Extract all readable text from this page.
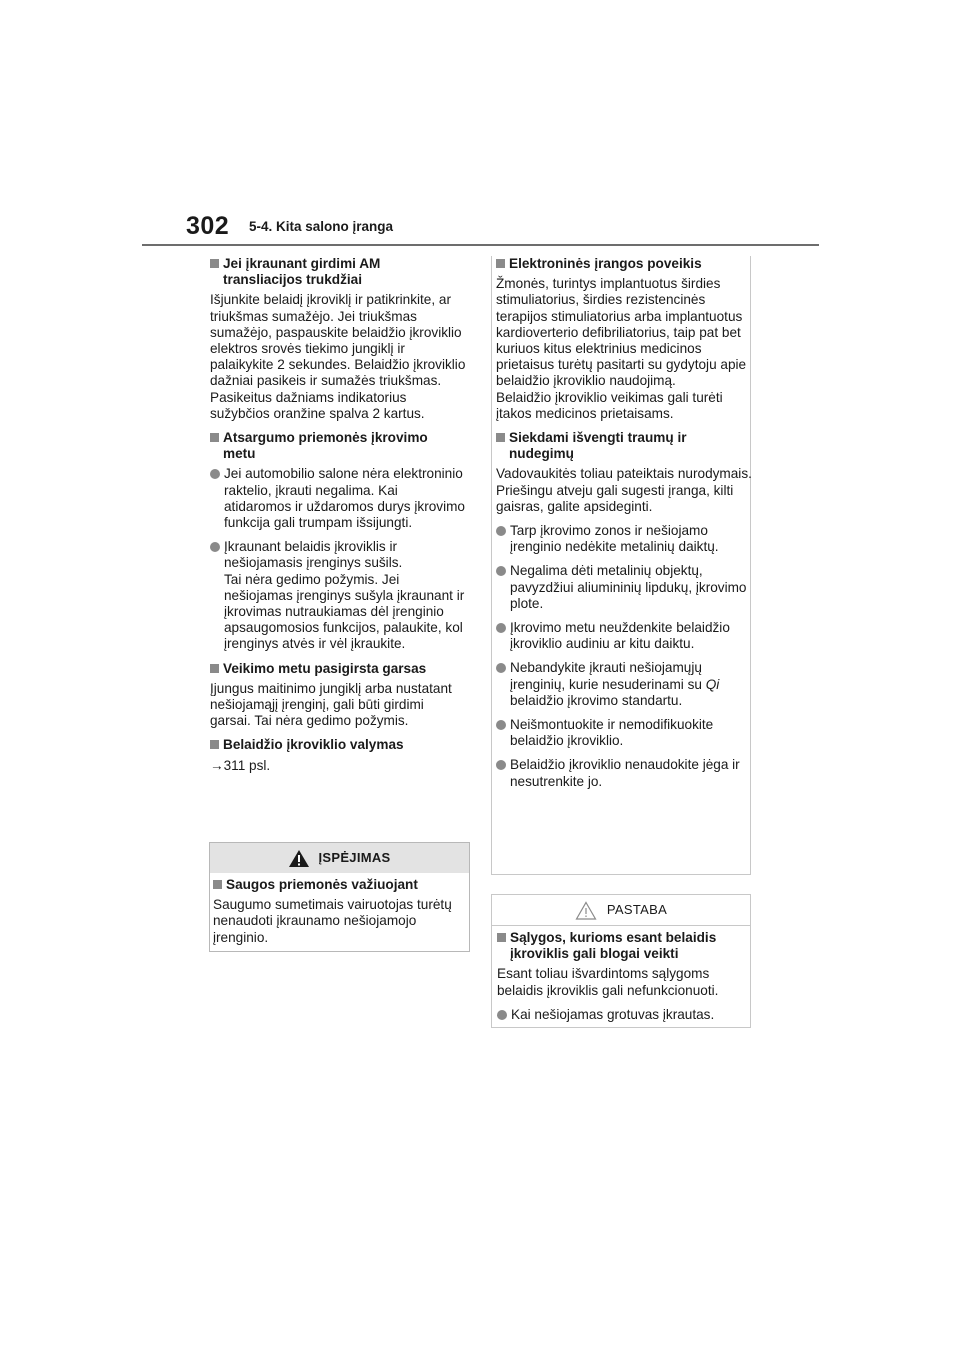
302 5-4. Kita salono įranga
Jei įkraunant girdimi AM
transliacijos trukdžiai
Išjunkite belaidį įkroviklį ir patikrinkite, ar triukšmas sumažėjo. Jei triukšmas sumažėjo, paspauskite belaidžio įkroviklio elektros srovės tiekimo jungiklį ir palaikykite 2 sekundes. Belaidžio įkroviklio dažniai pasikeis ir sumažės triukšmas. Pasikeitus dažniams indikatorius sužybčios oranžine spalva 2 kartus.
Atsargumo priemonės įkrovimo
metu
Jei automobilio salone nėra elektroninio raktelio, įkrauti negalima. Kai atidaromos ir uždaromos durys įkrovimo funkcija gali trumpam išsijungti.
Įkraunant belaidis įkroviklis ir nešiojamasis įrenginys sušils.
Tai nėra gedimo požymis. Jei nešiojamas įrenginys sušyla įkraunant ir įkrovimas nutraukiamas dėl įrenginio apsaugomosios funkcijos, palaukite, kol įrenginys atvės ir vėl įkraukite.
Veikimo metu pasigirsta garsas
Įjungus maitinimo jungiklį arba nustatant nešiojamąjį įrenginį, gali būti girdimi garsai. Tai nėra gedimo požymis.
Belaidžio įkroviklio valymas
→311 psl.
ĮSPĖJIMAS
Saugos priemonės važiuojant
Saugumo sumetimais vairuotojas turėtų nenaudoti įkraunamo nešiojamojo įrenginio.
Elektroninės įrangos poveikis
Žmonės, turintys implantuotus širdies stimuliatorius, širdies rezistencinės terapijos stimuliatorius arba implantuotus kardioverterio defibriliatorius, taip pat bet kuriuos kitus elektrinius medicinos prietaisus turėtų pasitarti su gydytoju apie belaidžio įkroviklio naudojimą.
Belaidžio įkroviklio veikimas gali turėti įtakos medicinos prietaisams.
Siekdami išvengti traumų ir
nudegimų
Vadovaukitės toliau pateiktais nurodymais.
Priešingu atveju gali sugesti įranga, kilti gaisras, galite apsideginti.
Tarp įkrovimo zonos ir nešiojamo įrenginio nedėkite metalinių daiktų.
Negalima dėti metalinių objektų, pavyzdžiui aliumininių lipdukų, įkrovimo plote.
Įkrovimo metu neuždenkite belaidžio įkroviklio audiniu ar kitu daiktu.
Nebandykite įkrauti nešiojamųjų įrenginių, kurie nesuderinami su Qi belaidžio įkrovimo standartu.
Neišmontuokite ir nemodifikuokite belaidžio įkroviklio.
Belaidžio įkroviklio nenaudokite jėga ir nesutrenkite jo.
PASTABA
Sąlygos, kurioms esant belaidis
įkroviklis gali blogai veikti
Esant toliau išvardintoms sąlygoms belaidis įkroviklis gali nefunkcionuoti.
Kai nešiojamas grotuvas įkrautas.
